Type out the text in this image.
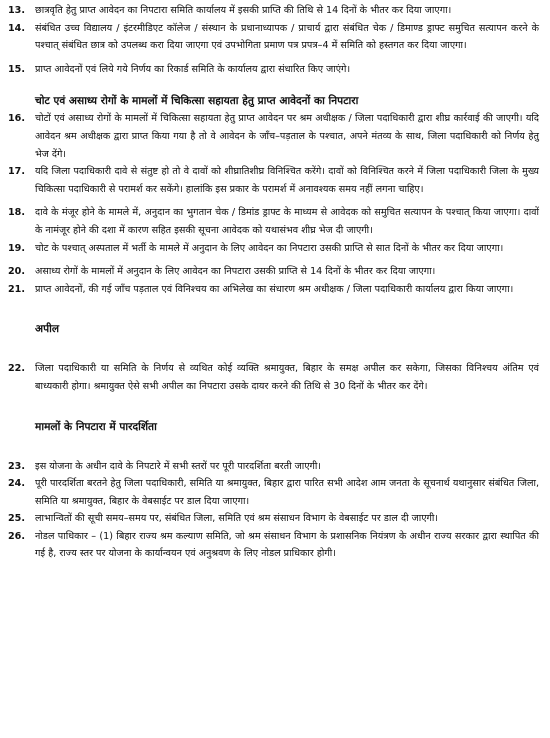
13.	छात्रवृति हेतु प्राप्त आवेदन का निपटारा समिति कार्यालय में इसकी प्राप्ति की तिथि से 14 दिनों के भीतर कर दिया जाएगा।
14.	संबंधित उच्च विद्यालय / इंटरमीडिएट कॉलेज / संस्थान के प्रधानाध्यापक / प्राचार्य द्वारा संबंधित चेक / डिमाण्ड ड्राफ्ट समुचित सत्यापन करने के पश्चात् संबंधित छात्र को उपलब्ध करा दिया जाएगा एवं उपभोगिता प्रमाण पत्र प्रपत्र–4 में समिति को हस्तगत कर दिया जाएगा।
15.	प्राप्त आवेदनों एवं लिये गये निर्णय का रिकार्ड समिति के कार्यालय द्वारा संधारित किए जाएंगे।
चोट एवं असाध्य रोगों के मामलों में चिकित्सा सहायता हेतु प्राप्त आवेदनों का निपटारा
16.	चोटों एवं असाध्य रोगों के मामलों में चिकित्सा सहायता हेतु प्राप्त आवेदन पर श्रम अधीक्षक / जिला पदाधिकारी द्वारा शीघ्र कार्रवाई की जाएगी। यदि आवेदन श्रम अधीक्षक द्वारा प्राप्त किया गया है तो वे आवेदन के जाँच–पड़ताल के पश्चात, अपने मंतव्य के साथ, जिला पदाधिकारी को निर्णय हेतु भेज देंगे।
17.	यदि जिला पदाधिकारी दावे से संतुष्ट हो तो वे दावों को शीघ्रातिशीघ्र विनिश्चित करेंगे। दावों को विनिश्चित करने में जिला पदाधिकारी जिला के मुख्य चिकित्सा पदाधिकारी से परामर्श कर सकेंगे। हालांकि इस प्रकार के परामर्श में अनावश्यक समय नहीं लगना चाहिए।
18.	दावे के मंजूर होने के मामले में, अनुदान का भुगतान चेक / डिमांड ड्राफ्ट के माध्यम से आवेदक को समुचित सत्यापन के पश्चात् किया जाएगा। दावों के नामंजूर होने की दशा में कारण सहित इसकी सूचना आवेदक को यथासंभव शीघ्र भेज दी जाएगी।
19.	चोट के पश्चात् अस्पताल में भर्ती के मामले में अनुदान के लिए आवेदन का निपटारा उसकी प्राप्ति से सात दिनों के भीतर कर दिया जाएगा।
20.	असाध्य रोगों के मामलों में अनुदान के लिए आवेदन का निपटारा उसकी प्राप्ति से 14 दिनों के भीतर कर दिया जाएगा।
21.	प्राप्त आवेदनों, की गई जाँच पड़ताल एवं विनिश्चय का अभिलेख का संधारण श्रम अधीक्षक / जिला पदाधिकारी कार्यालय द्वारा किया जाएगा।
अपील
22.	जिला पदाधिकारी या समिति के निर्णय से व्यथित कोई व्यक्ति श्रमायुक्त, बिहार के समक्ष अपील कर सकेगा, जिसका विनिश्चय अंतिम एवं बाध्यकारी होगा। श्रमायुक्त ऐसे सभी अपील का निपटारा उसके दायर करने की तिथि से 30 दिनों के भीतर कर देंगे।
मामलों के निपटारा में पारदर्शिता
23.	इस योजना के अधीन दावे के निपटारे में सभी स्तरों पर पूरी पारदर्शिता बरती जाएगी।
24.	पूरी पारदर्शिता बरतने हेतु जिला पदाधिकारी, समिति या श्रमायुक्त, बिहार द्वारा पारित सभी आदेश आम जनता के सूचनार्थ यथानुसार संबंधित जिला, समिति या श्रमायुक्त, बिहार के वेबसाईट पर डाल दिया जाएगा।
25.	लाभान्वितों की सूची समय–समय पर, संबंधित जिला, समिति एवं श्रम संसाधन विभाग के वेबसाईट पर डाल दी जाएगी।
26.	नोडल पाधिकार – (1) बिहार राज्य श्रम कल्याण समिति, जो श्रम संसाधन विभाग के प्रशासनिक नियंत्रण के अधीन राज्य सरकार द्वारा स्थापित की गई है, राज्य स्तर पर योजना के कार्यान्वयन एवं अनुश्रवण के लिए नोडल प्राधिकार होगी।
